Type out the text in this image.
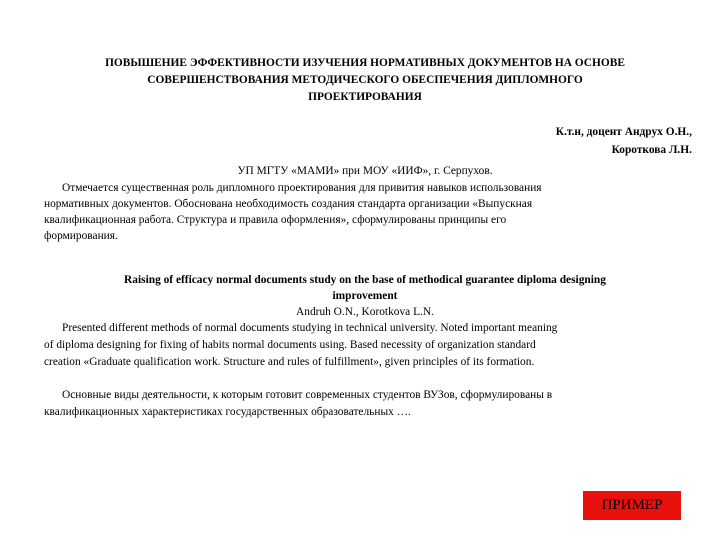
ПОВЫШЕНИЕ ЭФФЕКТИВНОСТИ ИЗУЧЕНИЯ НОРМАТИВНЫХ ДОКУМЕНТОВ НА ОСНОВЕ
СОВЕРШЕНСТВОВАНИЯ МЕТОДИЧЕСКОГО ОБЕСПЕЧЕНИЯ ДИПЛОМНОГО
ПРОЕКТИРОВАНИЯ
К.т.н, доцент Андрух О.Н.,
Короткова Л.Н.
УП МГТУ «МАМИ» при МОУ «ИИФ», г. Серпухов.
Отмечается существенная роль дипломного проектирования для привития навыков использования
нормативных документов. Обоснована необходимость создания стандарта организации «Выпускная
квалификационная работа. Структура и правила оформления», сформулированы принципы его
формирования.
Raising of efficacy normal documents study on the base of methodical guarantee diploma designing
improvement
Andruh O.N., Korotkova L.N.
Presented different methods of normal documents studying in technical university. Noted important meaning
of diploma designing for fixing of habits normal documents using. Based necessity of organization standard
creation «Graduate qualification work. Structure and rules of fulfillment», given principles of its formation.
Основные виды деятельности, к которым готовит современных студентов ВУЗов, сформулированы в
квалификационных характеристиках государственных образовательных ….
ПРИМЕР
